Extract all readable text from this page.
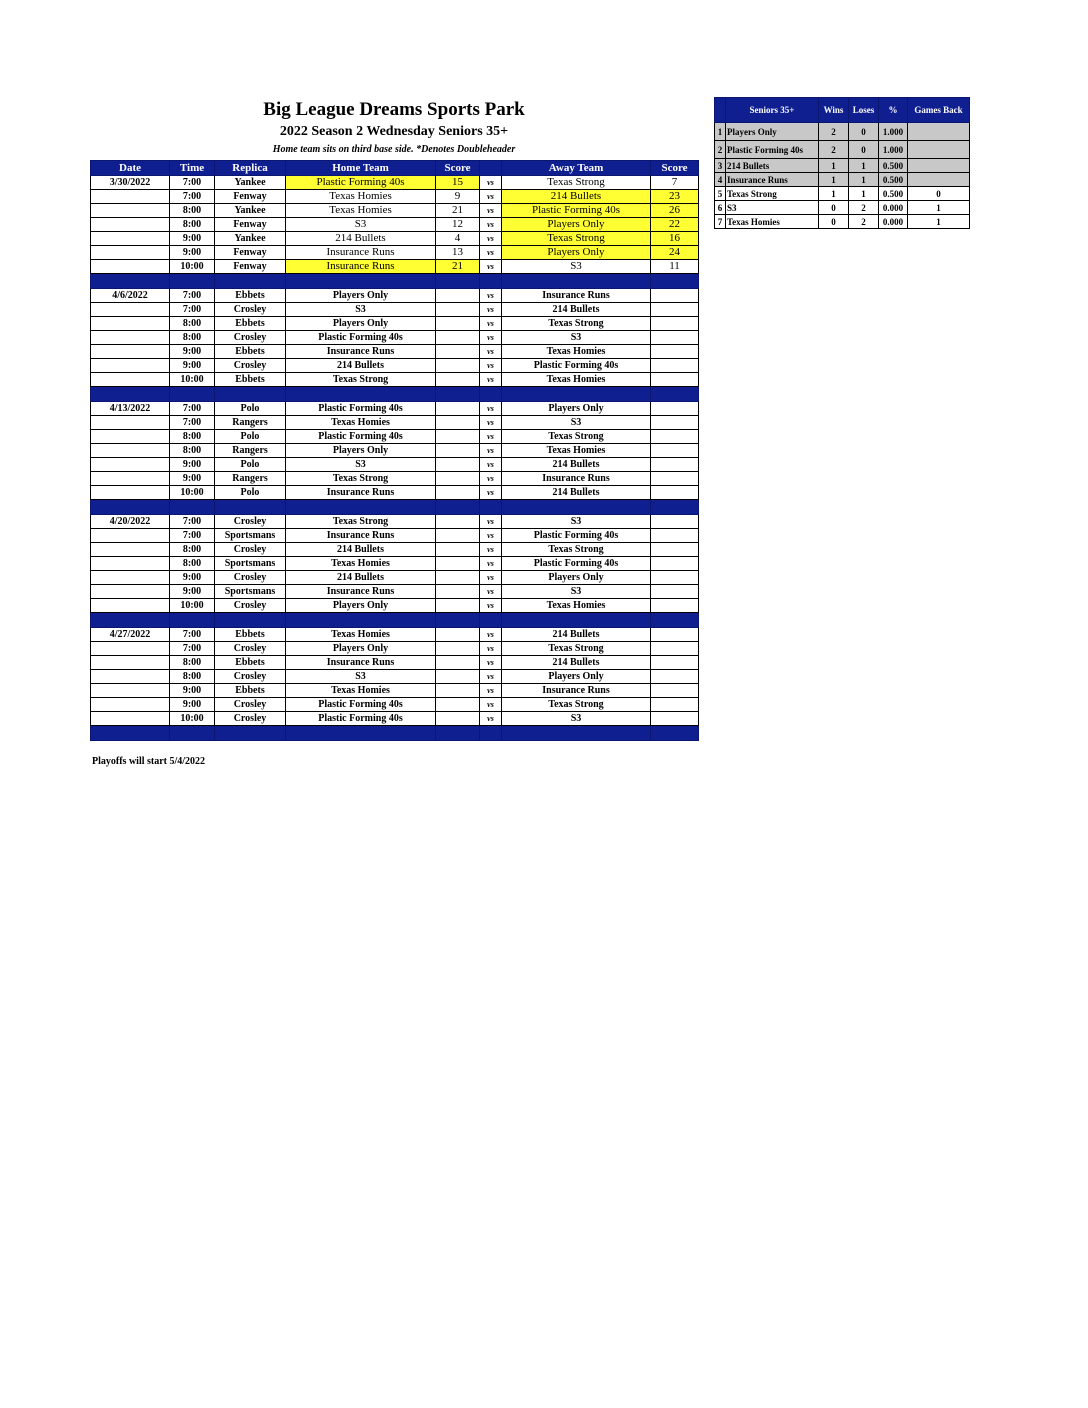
Big League Dreams Sports Park
2022 Season 2 Wednesday Seniors 35+
Home team sits on third base side. *Denotes Doubleheader
Date	Time	Replica	Home Team	Score		Away Team	Score
3/30/2022	7:00	Yankee	Plastic Forming 40s	15	vs	Texas Strong	7
	7:00	Fenway	Texas Homies	9	vs	214 Bullets	23
	8:00	Yankee	Texas Homies	21	vs	Plastic Forming 40s	26
	8:00	Fenway	S3	12	vs	Players Only	22
	9:00	Yankee	214 Bullets	4	vs	Texas Strong	16
	9:00	Fenway	Insurance Runs	13	vs	Players Only	24
	10:00	Fenway	Insurance Runs	21	vs	S3	11

4/6/2022	7:00	Ebbets	Players Only		vs	Insurance Runs	
	7:00	Crosley	S3		vs	214 Bullets	
	8:00	Ebbets	Players Only		vs	Texas Strong	
	8:00	Crosley	Plastic Forming 40s		vs	S3	
	9:00	Ebbets	Insurance Runs		vs	Texas Homies	
	9:00	Crosley	214 Bullets		vs	Plastic Forming 40s	
	10:00	Ebbets	Texas Strong		vs	Texas Homies	

4/13/2022	7:00	Polo	Plastic Forming 40s		vs	Players Only	
	7:00	Rangers	Texas Homies		vs	S3	
	8:00	Polo	Plastic Forming 40s		vs	Texas Strong	
	8:00	Rangers	Players Only		vs	Texas Homies	
	9:00	Polo	S3		vs	214 Bullets	
	9:00	Rangers	Texas Strong		vs	Insurance Runs	
	10:00	Polo	Insurance Runs		vs	214 Bullets	

4/20/2022	7:00	Crosley	Texas Strong		vs	S3	
	7:00	Sportsmans	Insurance Runs		vs	Plastic Forming 40s	
	8:00	Crosley	214 Bullets		vs	Texas Strong	
	8:00	Sportsmans	Texas Homies		vs	Plastic Forming 40s	
	9:00	Crosley	214 Bullets		vs	Players Only	
	9:00	Sportsmans	Insurance Runs		vs	S3	
	10:00	Crosley	Players Only		vs	Texas Homies	

4/27/2022	7:00	Ebbets	Texas Homies		vs	214 Bullets	
	7:00	Crosley	Players Only		vs	Texas Strong	
	8:00	Ebbets	Insurance Runs		vs	214 Bullets	
	8:00	Crosley	S3		vs	Players Only	
	9:00	Ebbets	Texas Homies		vs	Insurance Runs	
	9:00	Crosley	Plastic Forming 40s		vs	Texas Strong	
	10:00	Crosley	Plastic Forming 40s		vs	S3	

Playoffs will start 5/4/2022
	Seniors 35+	Wins	Loses	%	Games Back
1	Players Only	2	0	1.000	
2	Plastic Forming 40s	2	0	1.000	
3	214 Bullets	1	1	0.500	
4	Insurance Runs	1	1	0.500	
5	Texas Strong	1	1	0.500	0
6	S3	0	2	0.000	1
7	Texas Homies	0	2	0.000	1
